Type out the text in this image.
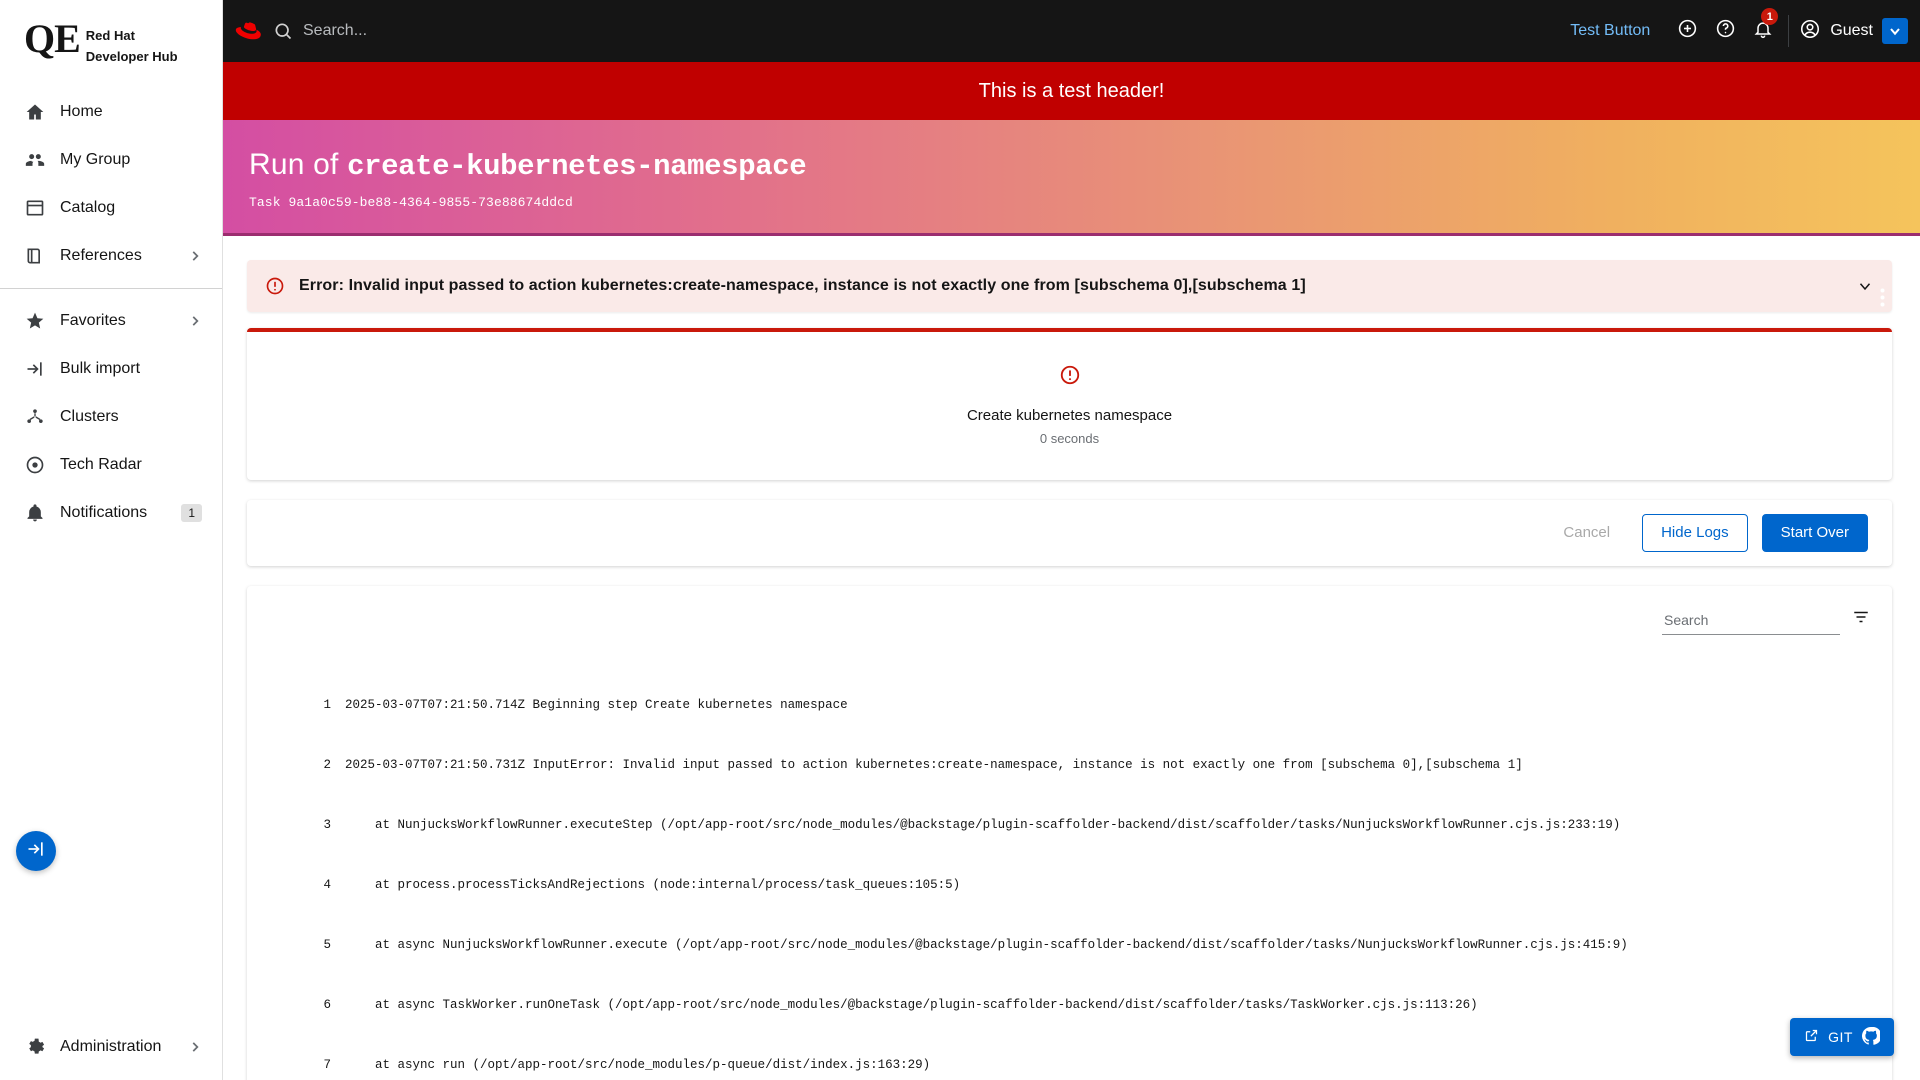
QE Red Hat
Developer Hub
Home
My Group
Catalog
References
Favorites
Bulk import
Clusters
Tech Radar
Notifications	1
Administration
Search...
Test Button
1
Guest
This is a test header!
Run of create-kubernetes-namespace
Task 9a1a0c59-be88-4364-9855-73e88674ddcd
Error: Invalid input passed to action kubernetes:create-namespace, instance is not exactly one from [subschema 0],[subschema 1]
Create kubernetes namespace
0 seconds
Cancel	Hide Logs	Start Over
Search

1 2025-03-07T07:21:50.714Z Beginning step Create kubernetes namespace

2 2025-03-07T07:21:50.731Z InputError: Invalid input passed to action kubernetes:create-namespace, instance is not exactly one from [subschema 0],[subschema 1]

3 at NunjucksWorkflowRunner.executeStep (/opt/app-root/src/node_modules/@backstage/plugin-scaffolder-backend/dist/scaffolder/tasks/NunjucksWorkflowRunner.cjs.js:233:19)

4 at process.processTicksAndRejections (node:internal/process/task_queues:105:5)

5 at async NunjucksWorkflowRunner.execute (/opt/app-root/src/node_modules/@backstage/plugin-scaffolder-backend/dist/scaffolder/tasks/NunjucksWorkflowRunner.cjs.js:415:9)

6 at async TaskWorker.runOneTask (/opt/app-root/src/node_modules/@backstage/plugin-scaffolder-backend/dist/scaffolder/tasks/TaskWorker.cjs.js:113:26)

7 at async run (/opt/app-root/src/node_modules/p-queue/dist/index.js:163:29)

GIT
